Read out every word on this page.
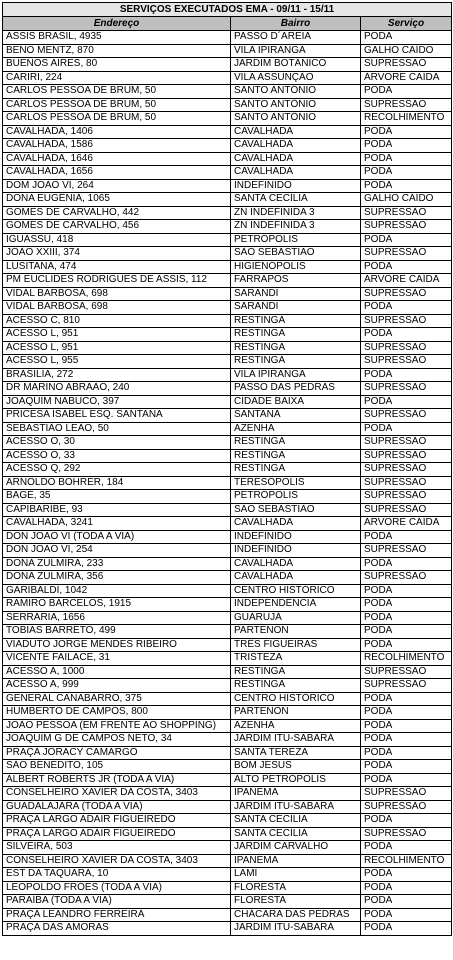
SERVIÇOS EXECUTADOS EMA - 09/11 - 15/11		
Endereço	Bairro	Serviço
ASSIS BRASIL, 4935	PASSO D´AREIA	PODA
BENO MENTZ, 870	VILA IPIRANGA	GALHO CAÍDO
BUENOS AIRES, 80	JARDIM BOTÂNICO	SUPRESSÃO
CARIRI, 224	VILA ASSUNÇÃO	ÁRVORE CAÍDA
CARLOS PESSOA DE BRUM, 50	SANTO ANTÔNIO	PODA
CARLOS PESSOA DE BRUM, 50	SANTO ANTÔNIO	SUPRESSÃO
CARLOS PESSOA DE BRUM, 50	SANTO ANTÔNIO	RECOLHIMENTO
CAVALHADA, 1406	CAVALHADA	PODA
CAVALHADA, 1586	CAVALHADA	PODA
CAVALHADA, 1646	CAVALHADA	PODA
CAVALHADA, 1656	CAVALHADA	PODA
DOM JOÃO VI, 264	INDEFINIDO	PODA
DONA EUGÊNIA, 1065	SANTA CECÍLIA	GALHO CAÍDO
GOMES DE CARVALHO, 442	ZN INDEFINIDA 3	SUPRESSÃO
GOMES DE CARVALHO, 456	ZN INDEFINIDA 3	SUPRESSÃO
IGUASSÚ, 418	PETRÓPOLIS	PODA
JOÃO XXIII, 374	SÃO SEBASTIÃO	SUPRESSÃO
LUSITANA, 474	HIGIENÓPOLIS	PODA
PM EUCLIDES RODRIGUES DE ASSIS, 112	FARRAPOS	ÁRVORE CAÍDA
VIDAL BARBOSA, 698	SARANDI	SUPRESSÃO
VIDAL BARBOSA, 698	SARANDI	PODA
ACESSO C, 810	RESTINGA	SUPRESSÃO
ACESSO L, 951	RESTINGA	PODA
ACESSO L, 951	RESTINGA	SUPRESSÃO
ACESSO L, 955	RESTINGA	SUPRESSÃO
BRASILIA, 272	VILA IPIRANGA	PODA
DR MARINO ABRAÃO, 240	PASSO DAS PEDRAS	SUPRESSÃO
JOAQUIM NABUCO, 397	CIDADE BAIXA	PODA
PRICESA ISABEL ESQ. SANTANA	SANTANA	SUPRESSÃO
SEBASTIÃO LEÃO, 50	AZENHA	PODA
ACESSO O, 30	RESTINGA	SUPRESSÃO
ACESSO O, 33	RESTINGA	SUPRESSÃO
ACESSO Q, 292	RESTINGA	SUPRESSÃO
ARNOLDO BOHRER, 184	TERESÓPOLIS	SUPRESSÃO
BAGÉ, 35	PETRÓPOLIS	SUPRESSÃO
CAPIBARIBE, 93	SÃO SEBASTIÃO	SUPRESSÃO
CAVALHADA, 3241	CAVALHADA	ÁRVORE CAÍDA
DON JOÃO VI (TODA A VIA)	INDEFINIDO	PODA
DON JOÃO VI, 254	INDEFINIDO	SUPRESSÃO
DONA ZULMIRA, 233	CAVALHADA	PODA
DONA ZULMIRA, 356	CAVALHADA	SUPRESSÃO
GARIBALDI, 1042	CENTRO HISTÓRICO	PODA
RAMIRO BARCELOS, 1915	INDEPENDÊNCIA	PODA
SERRARIA, 1656	GUARUJÁ	PODA
TOBIAS BARRETO, 499	PARTENON	PODA
VIADUTO JORGE MENDES RIBEIRO	TRÊS FIGUEIRAS	PODA
VICENTE FAILACE, 31	TRISTEZA	RECOLHIMENTO
ACESSO A, 1000	RESTINGA	SUPRESSÃO
ACESSO A, 999	RESTINGA	SUPRESSÃO
GENERAL CANABARRO, 375	CENTRO HISTÓRICO	PODA
HUMBERTO DE CAMPOS, 800	PARTENON	PODA
JOÃO PESSOA (EM FRENTE AO SHOPPING)	AZENHA	PODA
JOAQUIM G DE CAMPOS NETO, 34	JARDIM ITU-SABARÁ	PODA
PRAÇA JORACY CAMARGO	SANTA TEREZA	PODA
SÃO BENEDITO, 105	BOM JESUS	PODA
ALBERT ROBERTS JR (TODA A VIA)	ALTO PETRÓPOLIS	PODA
CONSELHEIRO XAVIER DA COSTA, 3403	IPANEMA	SUPRESSÃO
GUADALAJARA (TODA A VIA)	JARDIM ITU-SABARÁ	SUPRESSÃO
PRAÇA LARGO ADAIR FIGUEIREDO	SANTA CECÍLIA	PODA
PRAÇA LARGO ADAIR FIGUEIREDO	SANTA CECÍLIA	SUPRESSÃO
SILVEIRA, 503	JARDIM CARVALHO	PODA
CONSELHEIRO XAVIER DA COSTA, 3403	IPANEMA	RECOLHIMENTO
EST DA TAQUARA, 10	LAMI	PODA
LEOPOLDO FRÓES (TODA A VIA)	FLORESTA	PODA
PARAÍBA (TODA A VIA)	FLORESTA	PODA
PRAÇA LEANDRO FERREIRA	CHÁCARA DAS PEDRAS	PODA
PRAÇA DAS AMORAS	JARDIM ITU-SABARÁ	PODA
